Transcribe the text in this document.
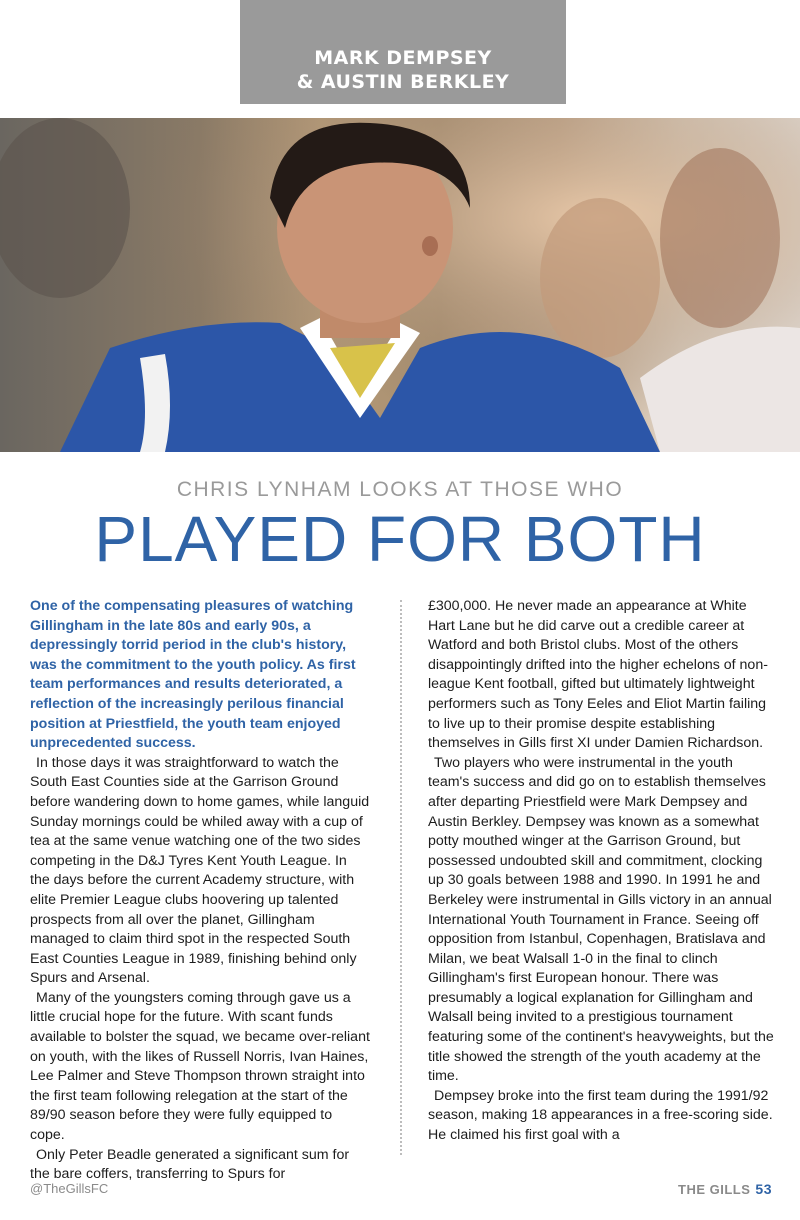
MARK DEMPSEY
& AUSTIN BERKLEY
CHRIS LYNHAM LOOKS AT THOSE WHO
PLAYED FOR BOTH

One of the compensating pleasures of watching Gillingham in the late 80s and early 90s, a depressingly torrid period in the club's history, was the commitment to the youth policy. As first team performances and results deteriorated, a reflection of the increasingly perilous financial position at Priestfield, the youth team enjoyed unprecedented success.

In those days it was straightforward to watch the South East Counties side at the Garrison Ground before wandering down to home games, while languid Sunday mornings could be whiled away with a cup of tea at the same venue watching one of the two sides competing in the D&J Tyres Kent Youth League. In the days before the current Academy structure, with elite Premier League clubs hoovering up talented prospects from all over the planet, Gillingham managed to claim third spot in the respected South East Counties League in 1989, finishing behind only Spurs and Arsenal.

Many of the youngsters coming through gave us a little crucial hope for the future. With scant funds available to bolster the squad, we became over-reliant on youth, with the likes of Russell Norris, Ivan Haines, Lee Palmer and Steve Thompson thrown straight into the first team following relegation at the start of the 89/90 season before they were fully equipped to cope.

Only Peter Beadle generated a significant sum for the bare coffers, transferring to Spurs for

£300,000. He never made an appearance at White Hart Lane but he did carve out a credible career at Watford and both Bristol clubs. Most of the others disappointingly drifted into the higher echelons of non-league Kent football, gifted but ultimately lightweight performers such as Tony Eeles and Eliot Martin failing to live up to their promise despite establishing themselves in Gills first XI under Damien Richardson.

Two players who were instrumental in the youth team's success and did go on to establish themselves after departing Priestfield were Mark Dempsey and Austin Berkley. Dempsey was known as a somewhat potty mouthed winger at the Garrison Ground, but possessed undoubted skill and commitment, clocking up 30 goals between 1988 and 1990. In 1991 he and Berkeley were instrumental in Gills victory in an annual International Youth Tournament in France. Seeing off opposition from Istanbul, Copenhagen, Bratislava and Milan, we beat Walsall 1-0 in the final to clinch Gillingham's first European honour. There was presumably a logical explanation for Gillingham and Walsall being invited to a prestigious tournament featuring some of the continent's heavyweights, but the title showed the strength of the youth academy at the time.

Dempsey broke into the first team during the 1991/92 season, making 18 appearances in a free-scoring side. He claimed his first goal with a

@TheGillsFC	THE GILLS 53
